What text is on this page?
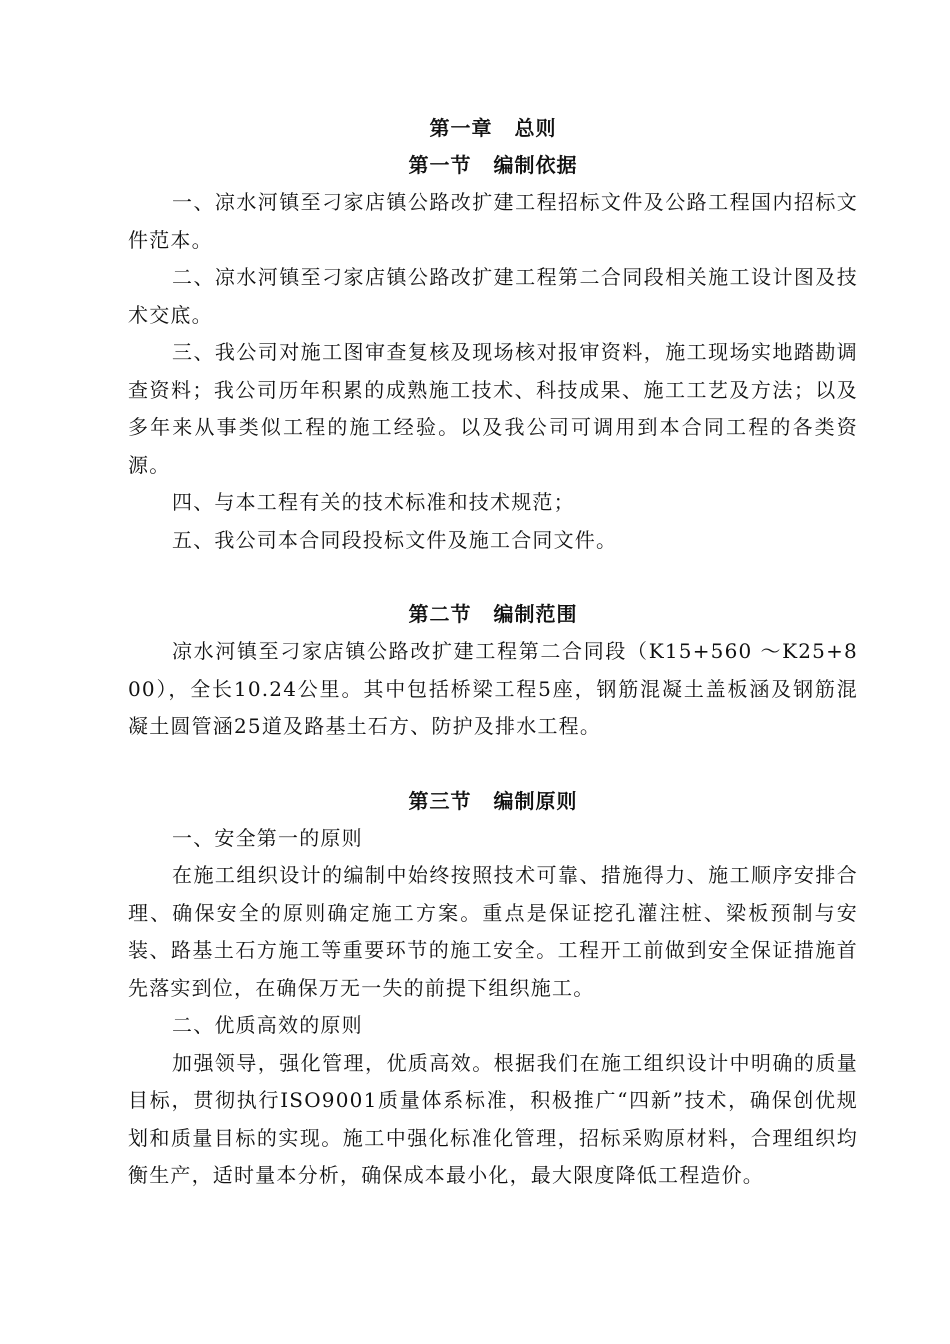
第一章 总则
第一节 编制依据

一、凉水河镇至刁家店镇公路改扩建工程招标文件及公路工程国内招标文件范本。

二、凉水河镇至刁家店镇公路改扩建工程第二合同段相关施工设计图及技术交底。

三、我公司对施工图审查复核及现场核对报审资料，施工现场实地踏勘调查资料；我公司历年积累的成熟施工技术、科技成果、施工工艺及方法；以及多年来从事类似工程的施工经验。以及我公司可调用到本合同工程的各类资源。

四、与本工程有关的技术标准和技术规范；

五、我公司本合同段投标文件及施工合同文件。

第二节 编制范围

凉水河镇至刁家店镇公路改扩建工程第二合同段（K15+560 ～K25+800），全长10.24公里。其中包括桥梁工程5座，钢筋混凝土盖板涵及钢筋混凝土圆管涵25道及路基土石方、防护及排水工程。

第三节 编制原则

一、安全第一的原则

在施工组织设计的编制中始终按照技术可靠、措施得力、施工顺序安排合理、确保安全的原则确定施工方案。重点是保证挖孔灌注桩、梁板预制与安装、路基土石方施工等重要环节的施工安全。工程开工前做到安全保证措施首先落实到位，在确保万无一失的前提下组织施工。

二、优质高效的原则

加强领导，强化管理，优质高效。根据我们在施工组织设计中明确的质量目标，贯彻执行ISO9001质量体系标准，积极推广“四新”技术，确保创优规划和质量目标的实现。施工中强化标准化管理，招标采购原材料，合理组织均衡生产，适时量本分析，确保成本最小化，最大限度降低工程造价。
